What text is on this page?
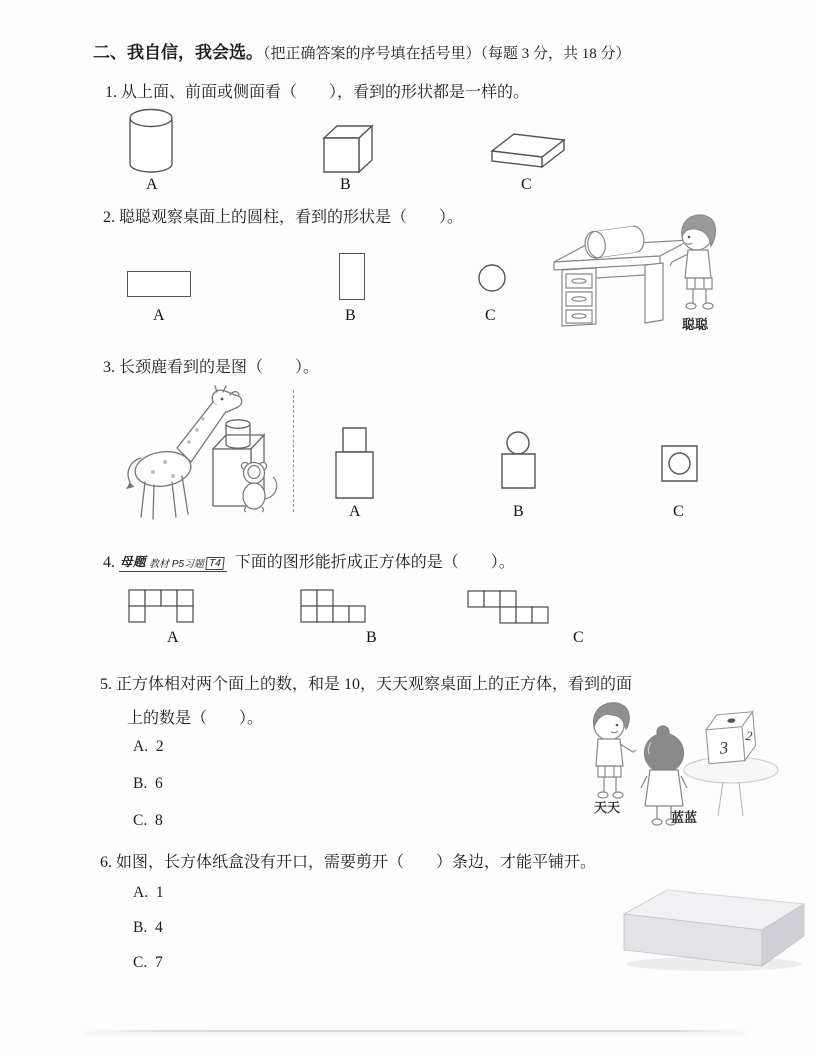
二、我自信，我会选。（把正确答案的序号填在括号里）（每题 3 分，共 18 分）
1. 从上面、前面或侧面看（　　），看到的形状都是一样的。
A	B	C
2. 聪聪观察桌面上的圆柱，看到的形状是（　　）。
A	B	C
聪聪
3. 长颈鹿看到的是图（　　）。
A	B	C
4. 母题 教材 P5习题 T4 下面的图形能折成正方体的是（　　）。
A	B	C
5. 正方体相对两个面上的数，和是 10，天天观察桌面上的正方体，看到的面
上的数是（　　）。
A.  2
B.  6
C.  8
3
2
天天
蓝蓝
6. 如图，长方体纸盒没有开口，需要剪开（　　）条边，才能平铺开。
A.  1
B.  4
C.  7
